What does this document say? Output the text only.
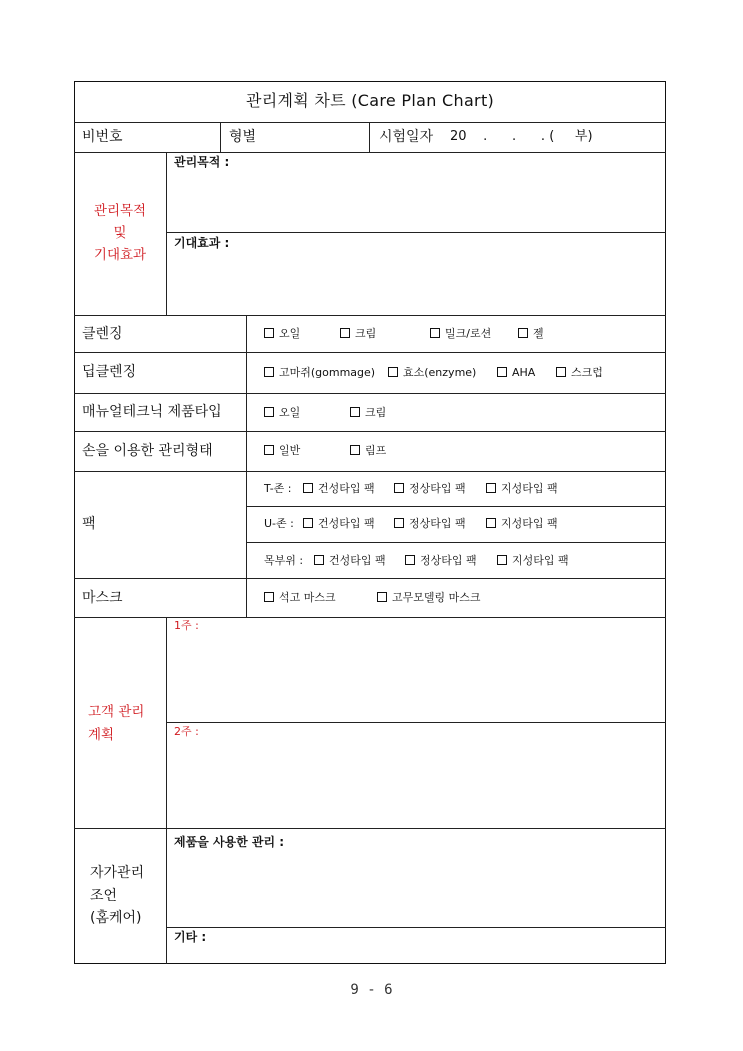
관리계획 차트 (Care Plan Chart)
비번호	형별	시험일자 20    .      .      . (     부)
관리목적
및
기대효과
관리목적 :
기대효과 :
클렌징	오일	크림	밀크/로션	젤
딥클렌징	고마쥐(gommage)	효소(enzyme)	AHA	스크럽
매뉴얼테크닉 제품타입	오일	크림
손을 이용한 관리형태	일반	림프
팩
T-존 :	건성타입 팩	정상타입 팩	지성타입 팩
U-존 :	건성타입 팩	정상타입 팩	지성타입 팩
목부위 :	건성타입 팩	정상타입 팩	지성타입 팩
마스크	석고 마스크	고무모델링 마스크
고객 관리
계획
1주 :
2주 :
자가관리
조언
(홈케어)
제품을 사용한 관리 :
기타 :
9 - 6
